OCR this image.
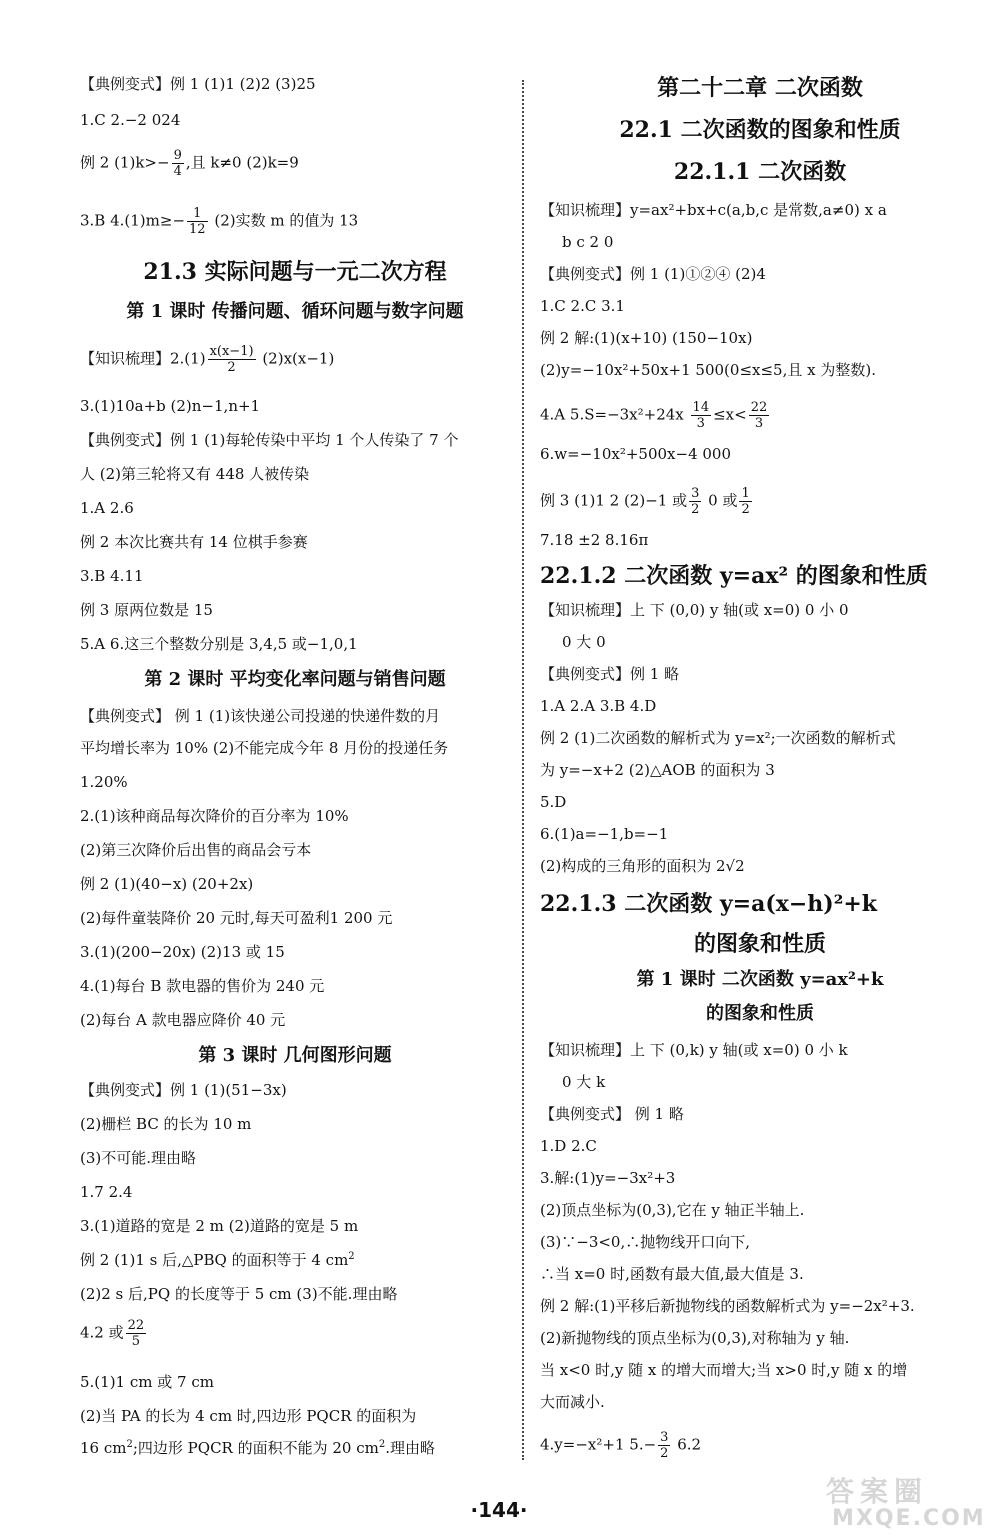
【典例变式】例 1 (1)1 (2)2 (3)25
1.C 2.−2 024
例 2 $(1)k>- \frac{9}{4}$ ,且 k≠0 (2)k=9
3.B $4.(1)m\ge- \frac{1}{12} (2)$实数 m 的值为 13
21.3 实际问题与一元二次方程
第 1 课时 传播问题、循环问题与数字问题
【知识梳理】$2.(1) \frac{x(x-1)}{2} (2)x(x-1)$
3.(1)10a+b (2)n−1,n+1
【典例变式】例 1 (1)每轮传染中平均 1 个人传染了 7 个
人 (2)第三轮将又有 448 人被传染
1.A 2.6
例 2 本次比赛共有 14 位棋手参赛
3.B 4.11
例 3 原两位数是 15
5.A 6.这三个整数分别是 3,4,5 或−1,0,1
第 2 课时 平均变化率问题与销售问题
【典例变式】 例 1 (1)该快递公司投递的快递件数的月
平均增长率为 10% (2)不能完成今年 8 月份的投递任务
1.20%
2.(1)该种商品每次降价的百分率为 10%
(2)第三次降价后出售的商品会亏本
例 2 (1)(40−x) (20+2x)
(2)每件童装降价 20 元时,每天可盈利1 200 元
3.(1)(200−20x) (2)13 或 15
4.(1)每台 B 款电器的售价为 240 元
(2)每台 A 款电器应降价 40 元
第 3 课时 几何图形问题
【典例变式】例 1 (1)(51−3x)
(2)栅栏 BC 的长为 10 m
(3)不可能.理由略
1.7 2.4
3.(1)道路的宽是 2 m (2)道路的宽是 5 m
例 2 (1)1 s 后,△PBQ 的面积等于 4 $cm^2$
(2)2 s 后,PQ 的长度等于 5 cm (3)不能.理由略
4.2 或 $\frac{22}{5}$
5.(1)1 cm 或 7 cm
(2)当 PA 的长为 4 cm 时,四边形 PQCR 的面积为
16 $cm^2$;四边形 PQCR 的面积不能为 20 $cm^2$.理由略
第二十二章 二次函数
22.1 二次函数的图象和性质
22.1.1 二次函数
【知识梳理】y=ax²+bx+c(a,b,c 是常数,a≠0) x a
b c 2 0
【典例变式】例 1 (1)①②④ (2)4
1.C 2.C 3.1
例 2 解:(1)(x+10) (150−10x)
(2)y=−10x²+50x+1 500(0≤x≤5,且 x 为整数).
4.A $5.S=-3x^2+24x \frac{14}{3} \le x< \frac{22}{3}$
6.w=−10x²+500x−4 000
例 3 (1)1 2 (2)−1 或 $\frac{3}{2} 0$ 或 $\frac{1}{2}$
7.18 ±2 8.16π
22.1.2 二次函数 y=ax² 的图象和性质
【知识梳理】上 下 (0,0) y 轴(或 x=0) 0 小 0
0 大 0
【典例变式】例 1 略
1.A 2.A 3.B 4.D
例 2 (1)二次函数的解析式为 y=x²;一次函数的解析式
为 y=−x+2 (2)△AOB 的面积为 3
5.D
6.(1)a=−1,b=−1
(2)构成的三角形的面积为 2√2
22.1.3 二次函数 y=a(x−h)²+k
的图象和性质
第 1 课时 二次函数 y=ax²+k
的图象和性质
【知识梳理】上 下 (0,k) y 轴(或 x=0) 0 小 k
0 大 k
【典例变式】 例 1 略
1.D 2.C
3.解:(1)y=−3x²+3
(2)顶点坐标为(0,3),它在 y 轴正半轴上.
(3)∵−3<0,∴抛物线开口向下,
∴当 x=0 时,函数有最大值,最大值是 3.
例 2 解:(1)平移后新抛物线的函数解析式为 y=−2x²+3.
(2)新抛物线的顶点坐标为(0,3),对称轴为 y 轴.
当 x<0 时,y 随 x 的增大而增大;当 x>0 时,y 随 x 的增
大而减小.
4.y=−x²+1 $5.- \frac{3}{2} 6.2$
·144·
答案圈
MXQE.COM
